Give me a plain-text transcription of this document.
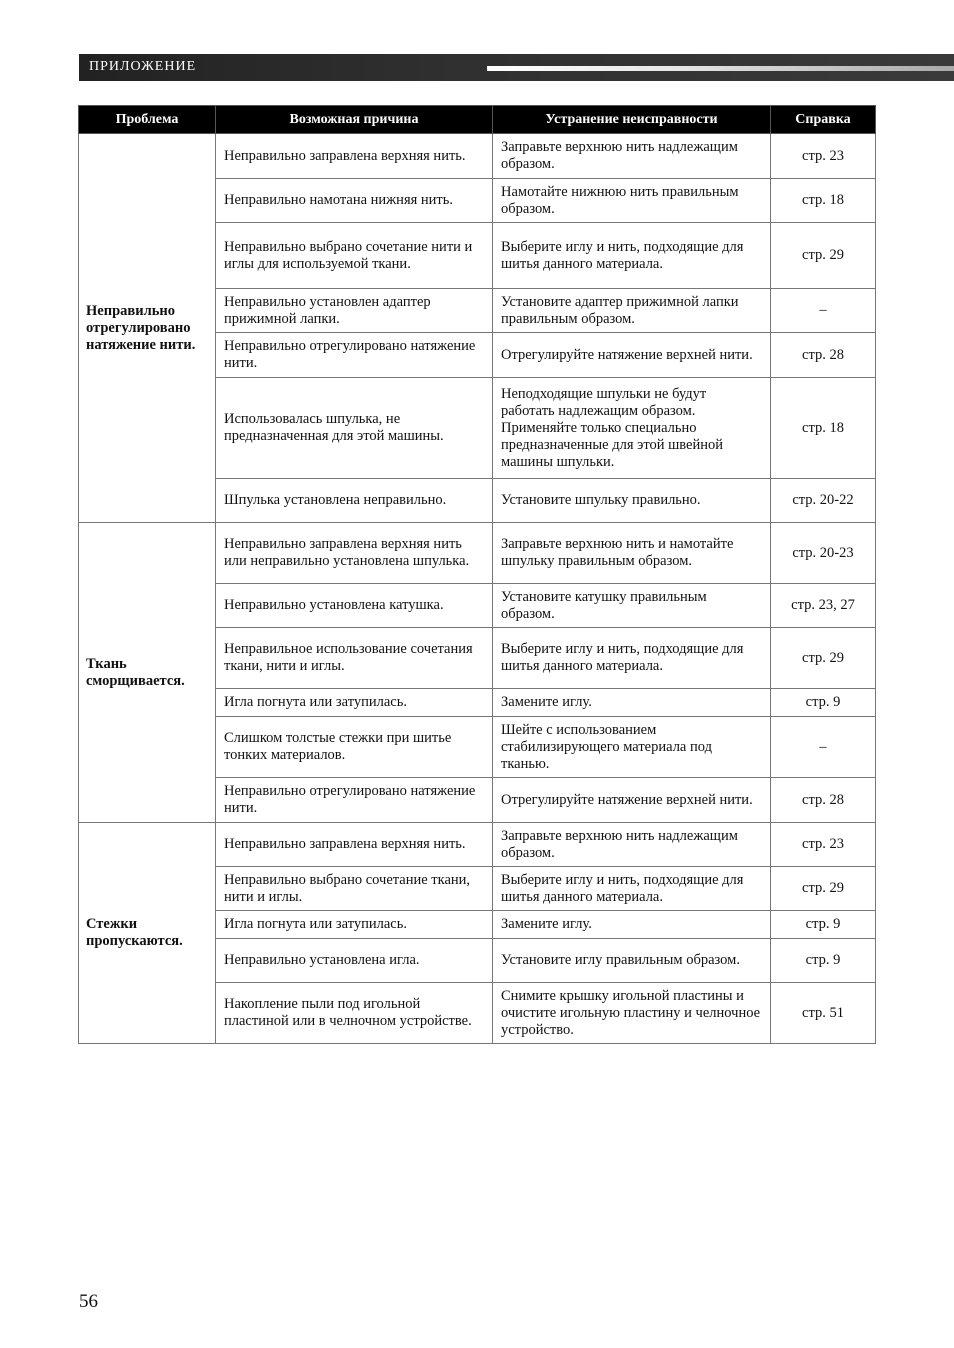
ПРИЛОЖЕНИЕ
Проблема	Возможная причина	Устранение неисправности	Справка
Неправильно отрегулировано натяжение нити.	Неправильно заправлена верхняя нить.	Заправьте верхнюю нить надлежащим образом.	стр. 23
	Неправильно намотана нижняя нить.	Намотайте нижнюю нить правильным образом.	стр. 18
	Неправильно выбрано сочетание нити и иглы для используемой ткани.	Выберите иглу и нить, подходящие для шитья данного материала.	стр. 29
	Неправильно установлен адаптер прижимной лапки.	Установите адаптер прижимной лапки правильным образом.	–
	Неправильно отрегулировано натяжение нити.	Отрегулируйте натяжение верхней нити.	стр. 28
	Использовалась шпулька, не предназначенная для этой машины.	Неподходящие шпульки не будут работать надлежащим образом. Применяйте только специально предназначенные для этой швейной машины шпульки.	стр. 18
	Шпулька установлена неправильно.	Установите шпульку правильно.	стр. 20-22
Ткань сморщивается.	Неправильно заправлена верхняя нить или неправильно установлена шпулька.	Заправьте верхнюю нить и намотайте шпульку правильным образом.	стр. 20-23
	Неправильно установлена катушка.	Установите катушку правильным образом.	стр. 23, 27
	Неправильное использование сочетания ткани, нити и иглы.	Выберите иглу и нить, подходящие для шитья данного материала.	стр. 29
	Игла погнута или затупилась.	Замените иглу.	стр. 9
	Слишком толстые стежки при шитье тонких материалов.	Шейте с использованием стабилизирующего материала под тканью.	–
	Неправильно отрегулировано натяжение нити.	Отрегулируйте натяжение верхней нити.	стр. 28
Стежки пропускаются.	Неправильно заправлена верхняя нить.	Заправьте верхнюю нить надлежащим образом.	стр. 23
	Неправильно выбрано сочетание ткани, нити и иглы.	Выберите иглу и нить, подходящие для шитья данного материала.	стр. 29
	Игла погнута или затупилась.	Замените иглу.	стр. 9
	Неправильно установлена игла.	Установите иглу правильным образом.	стр. 9
	Накопление пыли под игольной пластиной или в челночном устройстве.	Снимите крышку игольной пластины и очистите игольную пластину и челночное устройство.	стр. 51
56
